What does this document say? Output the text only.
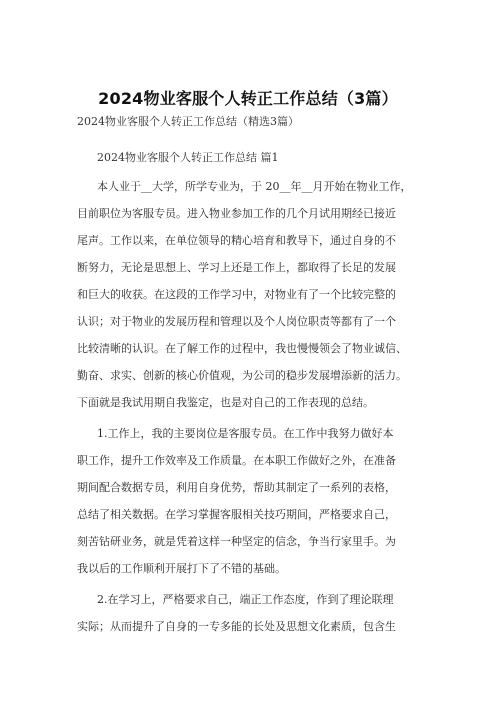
2024物业客服个人转正工作总结（3篇）
2024物业客服个人转正工作总结（精选3篇）
2024物业客服个人转正工作总结 篇1
本人业于__大学，所学专业为，于 20__年__月开始在物业工作，
目前职位为客服专员。进入物业参加工作的几个月试用期经已接近
尾声。工作以来，在单位领导的精心培育和教导下，通过自身的不
断努力，无论是思想上、学习上还是工作上，都取得了长足的发展
和巨大的收获。在这段的工作学习中，对物业有了一个比较完整的
认识；对于物业的发展历程和管理以及个人岗位职责等都有了一个
比较清晰的认识。在了解工作的过程中，我也慢慢领会了物业诚信、
勤奋、求实、创新的核心价值观，为公司的稳步发展增添新的活力。
下面就是我试用期自我鉴定，也是对自己的工作表现的总结。
1.工作上，我的主要岗位是客服专员。在工作中我努力做好本
职工作，提升工作效率及工作质量。在本职工作做好之外，在准备
期间配合数据专员，利用自身优势，帮助其制定了一系列的表格，
总结了相关数据。在学习掌握客服相关技巧期间，严格要求自己，
刻苦钻研业务，就是凭着这样一种坚定的信念，争当行家里手。为
我以后的工作顺利开展打下了不错的基础。
2.在学习上，严格要求自己，端正工作态度，作到了理论联理
实际；从而提升了自身的一专多能的长处及思想文化素质，包含生
